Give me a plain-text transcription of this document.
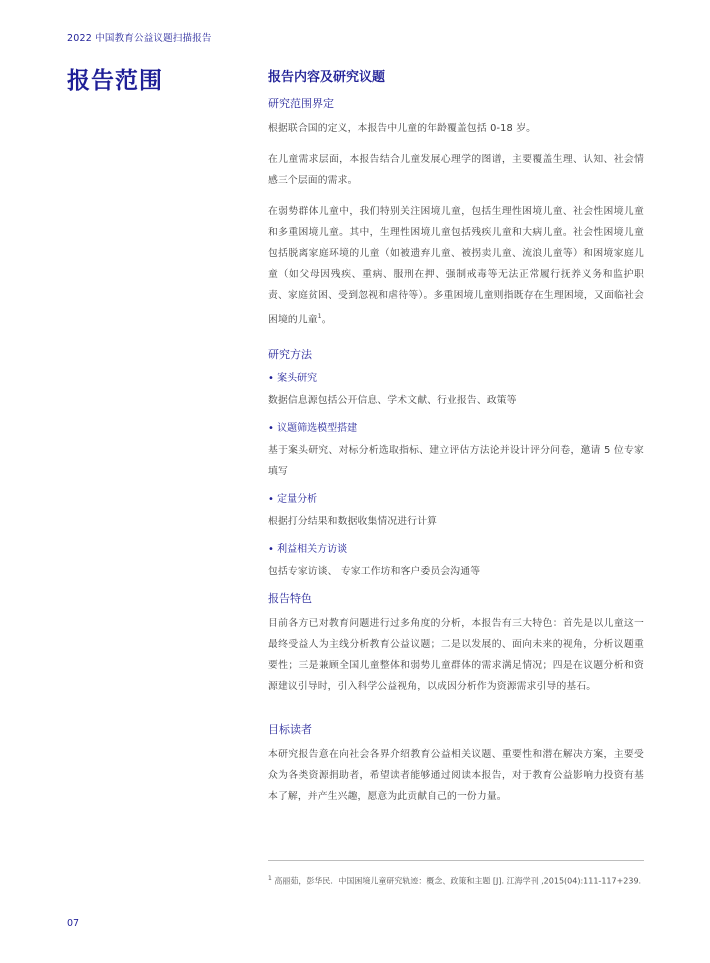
2022 中国教育公益议题扫描报告
报告范围	报告内容及研究议题
研究范围界定
根据联合国的定义，本报告中儿童的年龄覆盖包括 0-18 岁。
在儿童需求层面，本报告结合儿童发展心理学的图谱，主要覆盖生理、认知、社会情感三个层面的需求。
在弱势群体儿童中，我们特别关注困境儿童，包括生理性困境儿童、社会性困境儿童和多重困境儿童。其中，生理性困境儿童包括残疾儿童和大病儿童。社会性困境儿童包括脱离家庭环境的儿童（如被遗弃儿童、被拐卖儿童、流浪儿童等）和困境家庭儿童（如父母因残疾、重病、服刑在押、强制戒毒等无法正常履行抚养义务和监护职责、家庭贫困、受到忽视和虐待等）。多重困境儿童则指既存在生理困境，又面临社会困境的儿童$^1$。
研究方法
• 案头研究
数据信息源包括公开信息、学术文献、行业报告、政策等
• 议题筛选模型搭建
基于案头研究、对标分析选取指标、建立评估方法论并设计评分问卷，邀请 5 位专家填写
• 定量分析
根据打分结果和数据收集情况进行计算
• 利益相关方访谈
包括专家访谈、 专家工作坊和客户委员会沟通等
报告特色
目前各方已对教育问题进行过多角度的分析，本报告有三大特色：首先是以儿童这一最终受益人为主线分析教育公益议题；二是以发展的、面向未来的视角，分析议题重要性；三是兼顾全国儿童整体和弱势儿童群体的需求满足情况；四是在议题分析和资源建议引导时，引入科学公益视角，以成因分析作为资源需求引导的基石。
目标读者
本研究报告意在向社会各界介绍教育公益相关议题、重要性和潜在解决方案，主要受众为各类资源捐助者，希望读者能够通过阅读本报告，对于教育公益影响力投资有基本了解，并产生兴趣，愿意为此贡献自己的一份力量。
$^1$ 高丽茹，彭华民．中国困境儿童研究轨迹：概念、政策和主题 [J]. 江海学刊 ,2015(04):111-117+239.
07
